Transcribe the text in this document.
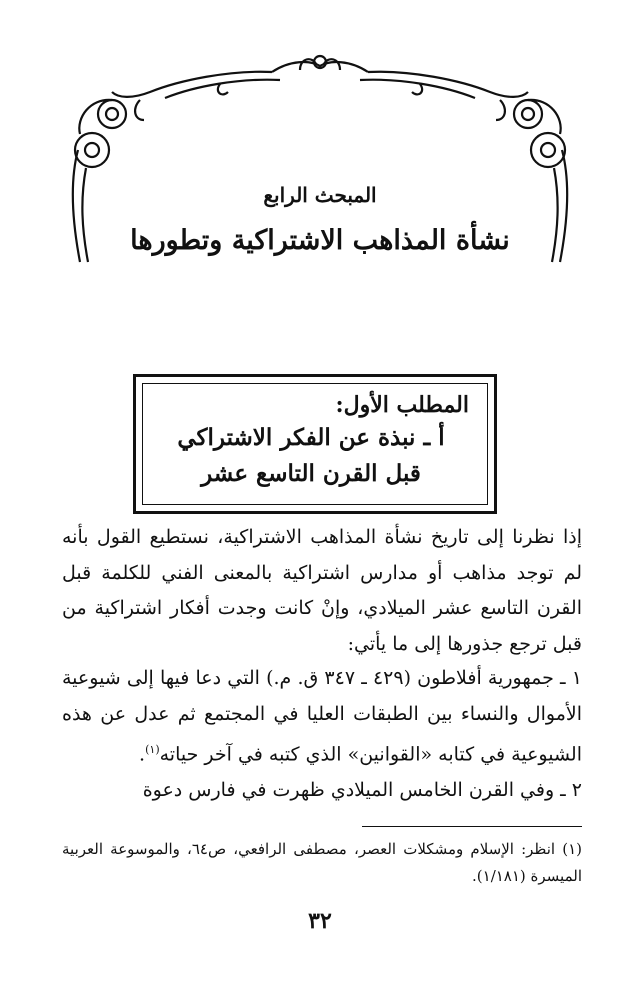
المبحث الرابع
نشأة المذاهب الاشتراكية وتطورها
المطلب الأول:
أ ـ نبذة عن الفكر الاشتراكي
قبل القرن التاسع عشر

إذا نظرنا إلى تاريخ نشأة المذاهب الاشتراكية، نستطيع القول بأنه لم توجد مذاهب أو مدارس اشتراكية بالمعنى الفني للكلمة قبل القرن التاسع عشر الميلادي، وإنْ كانت وجدت أفكار اشتراكية من قبل ترجع جذورها إلى ما يأتي:

١ ـ جمهورية أفلاطون (٤٢٩ ـ ٣٤٧ ق. م.) التي دعا فيها إلى شيوعية الأموال والنساء بين الطبقات العليا في المجتمع ثم عدل عن هذه الشيوعية في كتابه «القوانين» الذي كتبه في آخر حياته$^{(١)}$.

٢ ـ وفي القرن الخامس الميلادي ظهرت في فارس دعوة

(١) انظر: الإسلام ومشكلات العصر، مصطفى الرافعي، ص٦٤، والموسوعة العربية الميسرة (١/١٨١).

٣٢
